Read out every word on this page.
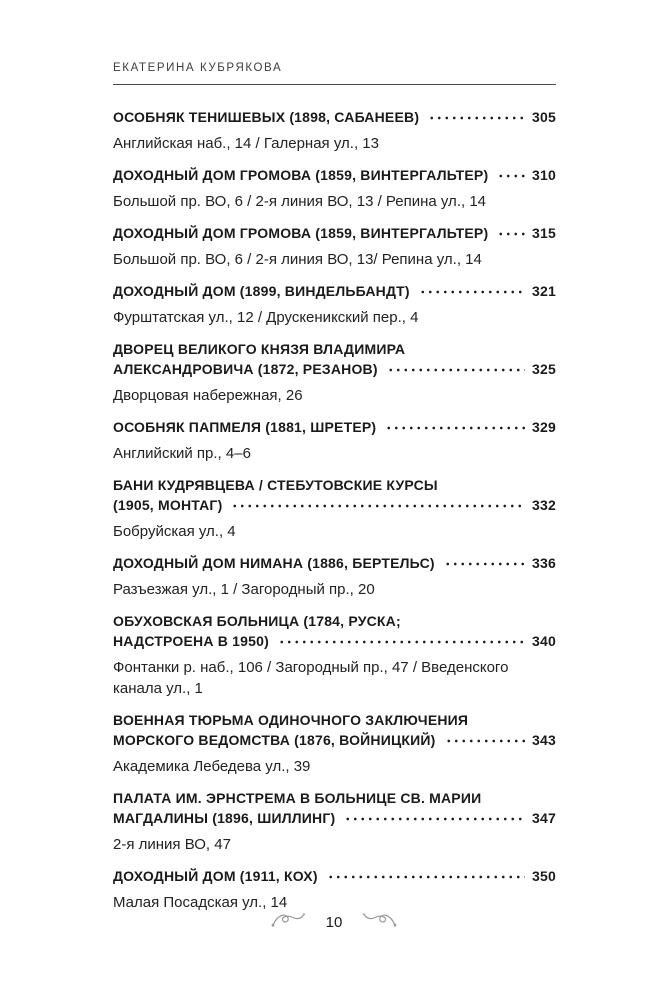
ЕКАТЕРИНА КУБРЯКОВА
ОСОБНЯК ТЕНИШЕВЫХ (1898, САБАНЕЕВ)	305
Английская наб., 14 / Галерная ул., 13
ДОХОДНЫЙ ДОМ ГРОМОВА (1859, ВИНТЕРГАЛЬТЕР)	310
Большой пр. ВО, 6 / 2-я линия ВО, 13 / Репина ул., 14
ДОХОДНЫЙ ДОМ ГРОМОВА (1859, ВИНТЕРГАЛЬТЕР)	315
Большой пр. ВО, 6 / 2-я линия ВО, 13/ Репина ул., 14
ДОХОДНЫЙ ДОМ (1899, ВИНДЕЛЬБАНДТ)	321
Фурштатская ул., 12 / Друскеникский пер., 4
ДВОРЕЦ ВЕЛИКОГО КНЯЗЯ ВЛАДИМИРА
АЛЕКСАНДРОВИЧА (1872, РЕЗАНОВ)	325
Дворцовая набережная, 26
ОСОБНЯК ПАПМЕЛЯ (1881, ШРЕТЕР)	329
Английский пр., 4–6
БАНИ КУДРЯВЦЕВА / СТЕБУТОВСКИЕ КУРСЫ
(1905, МОНТАГ)	332
Бобруйская ул., 4
ДОХОДНЫЙ ДОМ НИМАНА (1886, БЕРТЕЛЬС)	336
Разъезжая ул., 1 / Загородный пр., 20
ОБУХОВСКАЯ БОЛЬНИЦА (1784, РУСКА;
НАДСТРОЕНА В 1950)	340
Фонтанки р. наб., 106 / Загородный пр., 47 / Введенского канала ул., 1
ВОЕННАЯ ТЮРЬМА ОДИНОЧНОГО ЗАКЛЮЧЕНИЯ
МОРСКОГО ВЕДОМСТВА (1876, ВОЙНИЦКИЙ)	343
Академика Лебедева ул., 39
ПАЛАТА ИМ. ЭРНСТРЕМА В БОЛЬНИЦЕ СВ. МАРИИ
МАГДАЛИНЫ (1896, ШИЛЛИНГ)	347
2-я линия ВО, 47
ДОХОДНЫЙ ДОМ (1911, КОХ)	350
Малая Посадская ул., 14
10
